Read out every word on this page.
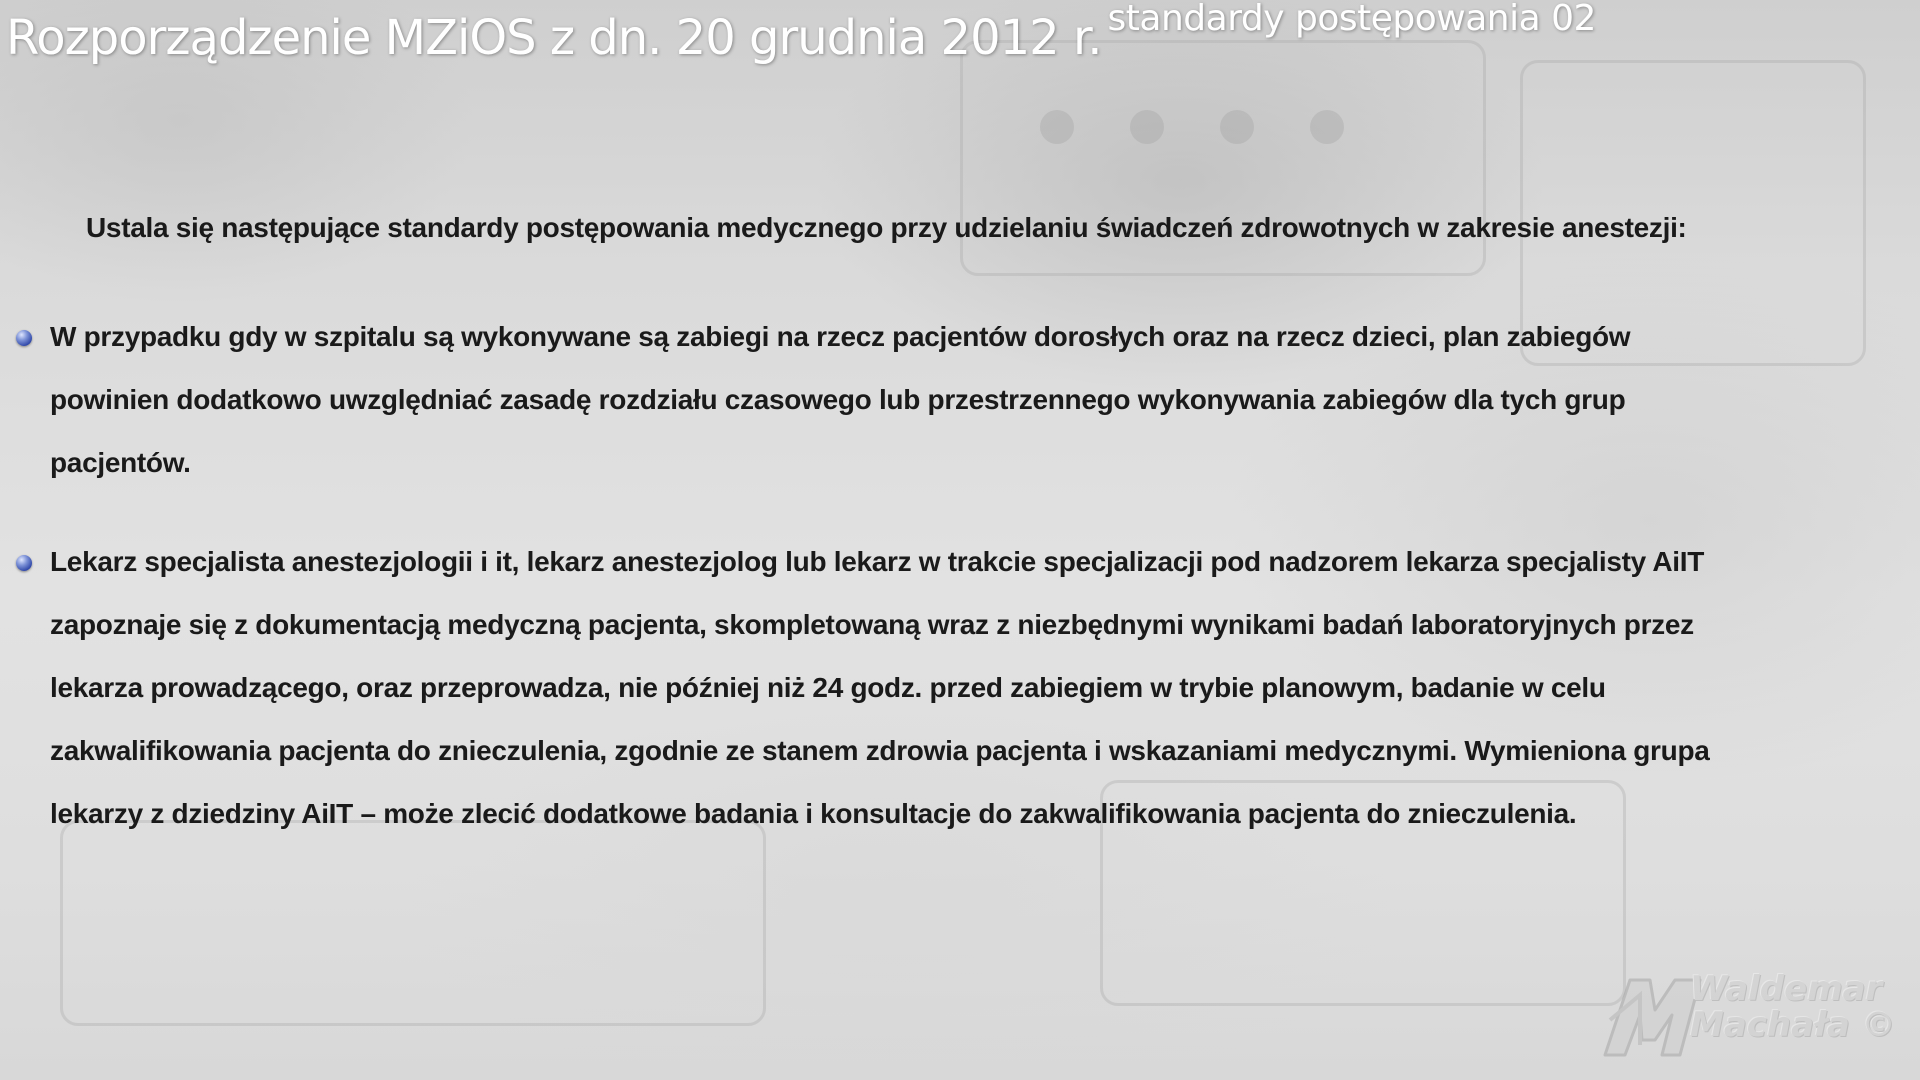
Rozporządzenie MZiOS z dn. 20 grudnia 2012 r. standardy postępowania 02
Ustala się następujące standardy postępowania medycznego przy udzielaniu świadczeń zdrowotnych w zakresie anestezji:
W przypadku gdy w szpitalu są wykonywane są zabiegi na rzecz pacjentów dorosłych oraz na rzecz dzieci, plan zabiegów
powinien dodatkowo uwzględniać zasadę rozdziału czasowego lub przestrzennego wykonywania zabiegów dla tych grup
pacjentów.
Lekarz specjalista anestezjologii i it, lekarz anestezjolog lub lekarz w trakcie specjalizacji pod nadzorem lekarza specjalisty AiIT
zapoznaje się z dokumentacją medyczną pacjenta, skompletowaną wraz z niezbędnymi wynikami badań laboratoryjnych przez
lekarza prowadzącego, oraz przeprowadza, nie później niż 24 godz. przed zabiegiem w trybie planowym, badanie w celu
zakwalifikowania pacjenta do znieczulenia, zgodnie ze stanem zdrowia pacjenta i wskazaniami medycznymi. Wymieniona grupa
lekarzy z dziedziny AiIT – może zlecić dodatkowe badania i konsultacje do zakwalifikowania pacjenta do znieczulenia.
Waldemar
Machała ©
